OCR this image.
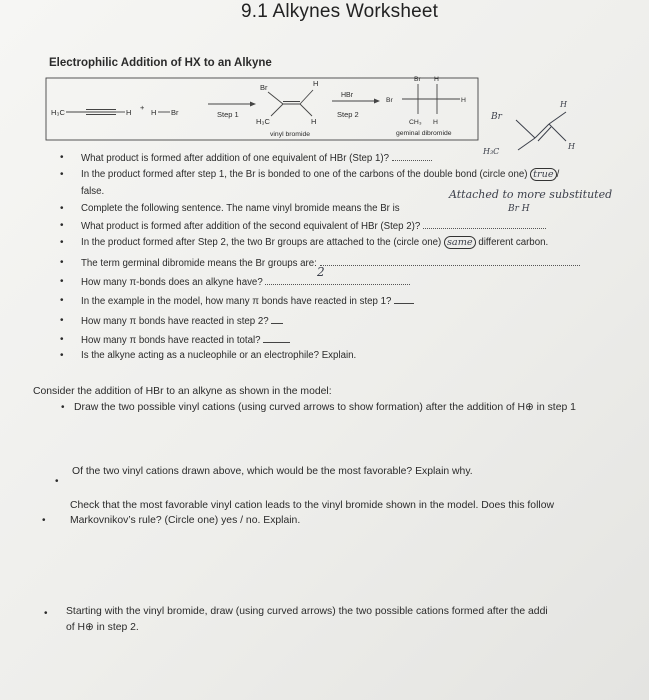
9.1 Alkynes Worksheet
Electrophilic Addition of HX to an Alkyne
H₃C	H
+
H Br	Step 1
Br	H
H₃C	H
vinyl bromide
HBr
Step 2
Br H
Br	H
CH₃ H
geminal dibromide
Br
H
H₃C
H
• What product is formed after addition of one equivalent of HBr (Step 1)?
• In the product formed after step 1, the Br is bonded to one of the carbons of the double bond (circle one) true /
false.
• Complete the following sentence. The name vinyl bromide means the Br is
Attached to more substituted
• What product is formed after addition of the second equivalent of HBr (Step 2)?
Br H
• In the product formed after Step 2, the two Br groups are attached to the (circle one) same different carbon.
• The term germinal dibromide means the Br groups are:
• How many π-bonds does an alkyne have?
2
• In the example in the model, how many π bonds have reacted in step 1?
• How many π bonds have reacted in step 2?
• How many π bonds have reacted in total?
• Is the alkyne acting as a nucleophile or an electrophile? Explain.
Consider the addition of HBr to an alkyne as shown in the model:
• Draw the two possible vinyl cations (using curved arrows to show formation) after the addition of H⊕ in step 1
•
Of the two vinyl cations drawn above, which would be the most favorable? Explain why.
•
Check that the most favorable vinyl cation leads to the vinyl bromide shown in the model. Does this follow
Markovnikov’s rule? (Circle one) yes / no. Explain.
• Starting with the vinyl bromide, draw (using curved arrows) the two possible cations formed after the addi
of H⊕ in step 2.
